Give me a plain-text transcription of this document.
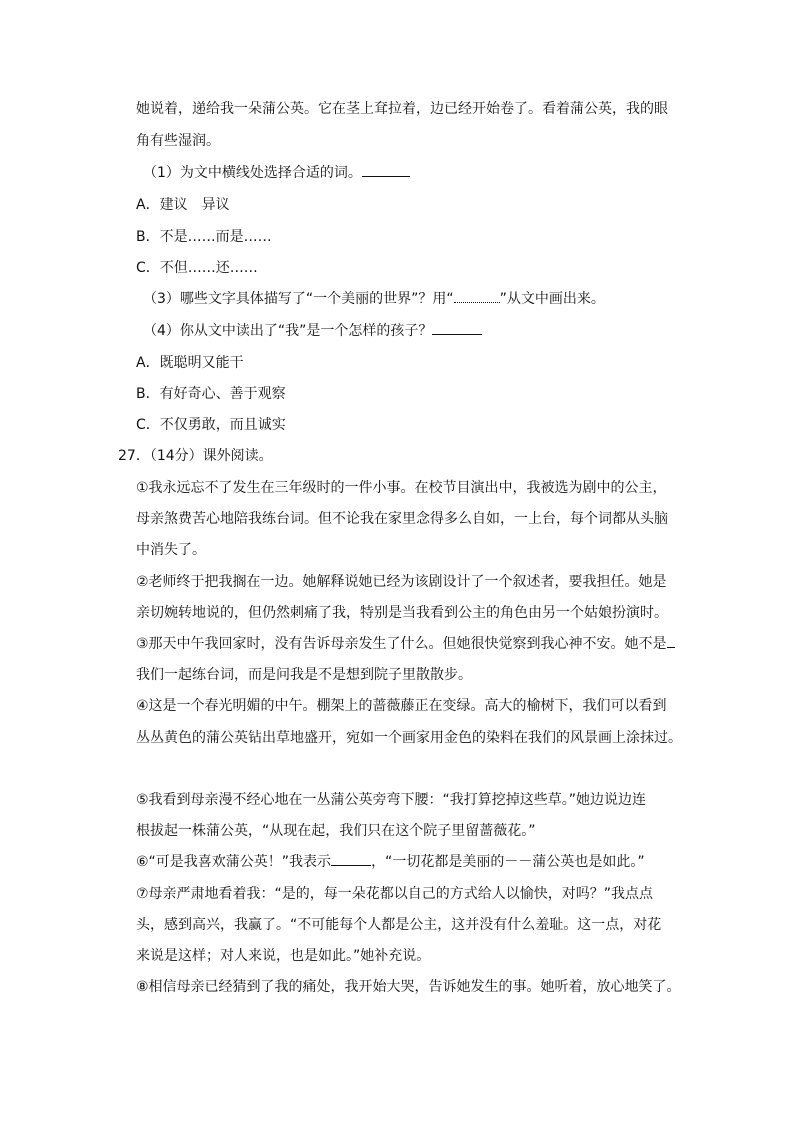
她说着，递给我一朵蒲公英。它在茎上耷拉着，边已经开始卷了。看着蒲公英，我的眼
角有些湿润。
（1）为文中横线处选择合适的词。
A．建议　异议
B．不是……而是……
C．不但……还……
（3）哪些文字具体描写了“一个美丽的世界”？用“	”从文中画出来。
（4）你从文中读出了“我”是一个怎样的孩子？
A．既聪明又能干
B．有好奇心、善于观察
C．不仅勇敢，而且诚实
27．（14分）课外阅读。
①我永远忘不了发生在三年级时的一件小事。在校节目演出中，我被选为剧中的公主，
母亲煞费苦心地陪我练台词。但不论我在家里念得多么自如，一上台，每个词都从头脑
中消失了。
②老师终于把我搁在一边。她解释说她已经为该剧设计了一个叙述者，要我担任。她是
亲切婉转地说的，但仍然刺痛了我，特别是当我看到公主的角色由另一个姑娘扮演时。
③那天中午我回家时，没有告诉母亲发生了什么。但她很快觉察到我心神不安。她不是
我们一起练台词，而是问我是不是想到院子里散散步。
④这是一个春光明媚的中午。棚架上的蔷薇藤正在变绿。高大的榆树下，我们可以看到
丛丛黄色的蒲公英钻出草地盛开，宛如一个画家用金色的染料在我们的风景画上涂抹过。
⑤我看到母亲漫不经心地在一丛蒲公英旁弯下腰：“我打算挖掉这些草。”她边说边连
根拔起一株蒲公英，“从现在起，我们只在这个院子里留蔷薇花。”
⑥“可是我喜欢蒲公英！”我表示	，“一切花都是美丽的－－蒲公英也是如此。”
⑦母亲严肃地看着我：“是的，每一朵花都以自己的方式给人以愉快，对吗？”我点点
头，感到高兴，我赢了。“不可能每个人都是公主，这并没有什么羞耻。这一点，对花
来说是这样；对人来说，也是如此。”她补充说。
⑧相信母亲已经猜到了我的痛处，我开始大哭，告诉她发生的事。她听着，放心地笑了。
